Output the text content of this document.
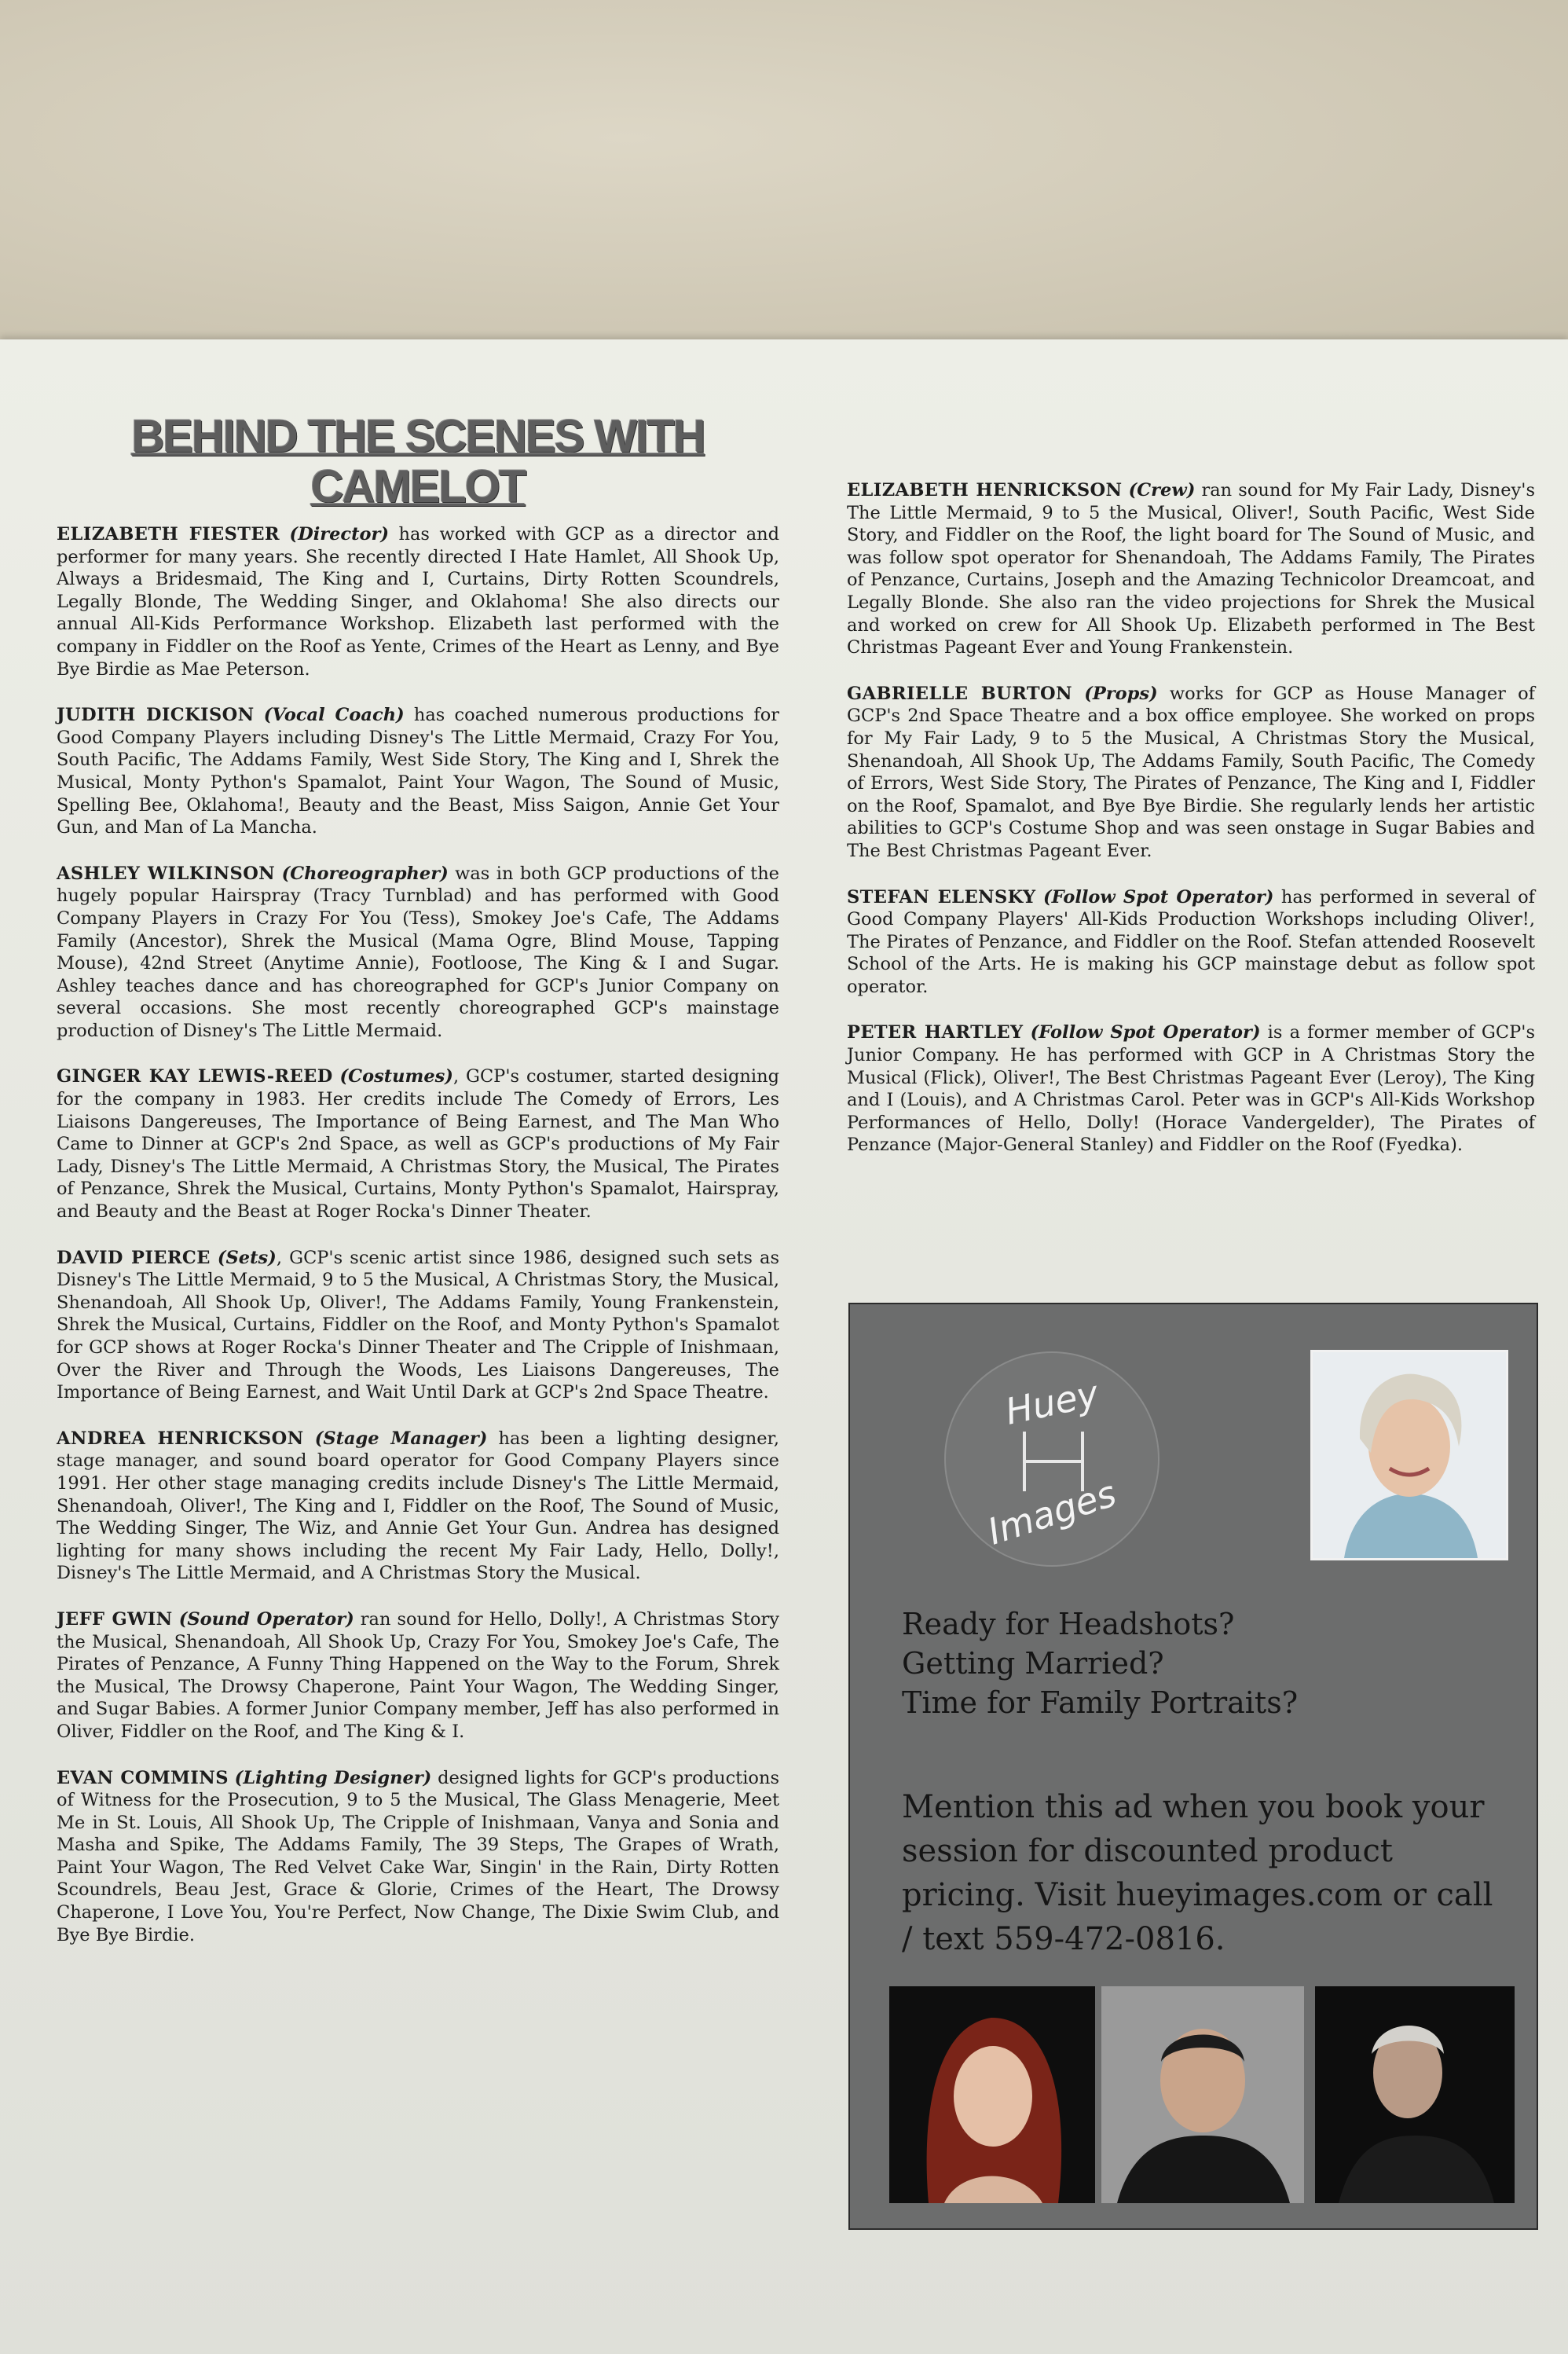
BEHIND THE SCENES WITH
CAMELOT

ELIZABETH FIESTER (Director) has worked with GCP as a director and performer for many years. She recently directed I Hate Hamlet, All Shook Up, Always a Bridesmaid, The King and I, Curtains, Dirty Rotten Scoundrels, Legally Blonde, The Wedding Singer, and Oklahoma! She also directs our annual All-Kids Performance Workshop. Elizabeth last performed with the company in Fiddler on the Roof as Yente, Crimes of the Heart as Lenny, and Bye Bye Birdie as Mae Peterson.

JUDITH DICKISON (Vocal Coach) has coached numerous productions for Good Company Players including Disney's The Little Mermaid, Crazy For You, South Pacific, The Addams Family, West Side Story, The King and I, Shrek the Musical, Monty Python's Spamalot, Paint Your Wagon, The Sound of Music, Spelling Bee, Oklahoma!, Beauty and the Beast, Miss Saigon, Annie Get Your Gun, and Man of La Mancha.

ASHLEY WILKINSON (Choreographer) was in both GCP productions of the hugely popular Hairspray (Tracy Turnblad) and has performed with Good Company Players in Crazy For You (Tess), Smokey Joe's Cafe, The Addams Family (Ancestor), Shrek the Musical (Mama Ogre, Blind Mouse, Tapping Mouse), 42nd Street (Anytime Annie), Footloose, The King & I and Sugar. Ashley teaches dance and has choreographed for GCP's Junior Company on several occasions. She most recently choreographed GCP's mainstage production of Disney's The Little Mermaid.

GINGER KAY LEWIS-REED (Costumes), GCP's costumer, started designing for the company in 1983. Her credits include The Comedy of Errors, Les Liaisons Dangereuses, The Importance of Being Earnest, and The Man Who Came to Dinner at GCP's 2nd Space, as well as GCP's productions of My Fair Lady, Disney's The Little Mermaid, A Christmas Story, the Musical, The Pirates of Penzance, Shrek the Musical, Curtains, Monty Python's Spamalot, Hairspray, and Beauty and the Beast at Roger Rocka's Dinner Theater.

DAVID PIERCE (Sets), GCP's scenic artist since 1986, designed such sets as Disney's The Little Mermaid, 9 to 5 the Musical, A Christmas Story, the Musical, Shenandoah, All Shook Up, Oliver!, The Addams Family, Young Frankenstein, Shrek the Musical, Curtains, Fiddler on the Roof, and Monty Python's Spamalot for GCP shows at Roger Rocka's Dinner Theater and The Cripple of Inishmaan, Over the River and Through the Woods, Les Liaisons Dangereuses, The Importance of Being Earnest, and Wait Until Dark at GCP's 2nd Space Theatre.

ANDREA HENRICKSON (Stage Manager) has been a lighting designer, stage manager, and sound board operator for Good Company Players since 1991. Her other stage managing credits include Disney's The Little Mermaid, Shenandoah, Oliver!, The King and I, Fiddler on the Roof, The Sound of Music, The Wedding Singer, The Wiz, and Annie Get Your Gun. Andrea has designed lighting for many shows including the recent My Fair Lady, Hello, Dolly!, Disney's The Little Mermaid, and A Christmas Story the Musical.

JEFF GWIN (Sound Operator) ran sound for Hello, Dolly!, A Christmas Story the Musical, Shenandoah, All Shook Up, Crazy For You, Smokey Joe's Cafe, The Pirates of Penzance, A Funny Thing Happened on the Way to the Forum, Shrek the Musical, The Drowsy Chaperone, Paint Your Wagon, The Wedding Singer, and Sugar Babies. A former Junior Company member, Jeff has also performed in Oliver, Fiddler on the Roof, and The King & I.

EVAN COMMINS (Lighting Designer) designed lights for GCP's productions of Witness for the Prosecution, 9 to 5 the Musical, The Glass Menagerie, Meet Me in St. Louis, All Shook Up, The Cripple of Inishmaan, Vanya and Sonia and Masha and Spike, The Addams Family, The 39 Steps, The Grapes of Wrath, Paint Your Wagon, The Red Velvet Cake War, Singin' in the Rain, Dirty Rotten Scoundrels, Beau Jest, Grace & Glorie, Crimes of the Heart, The Drowsy Chaperone, I Love You, You're Perfect, Now Change, The Dixie Swim Club, and Bye Bye Birdie.

ELIZABETH HENRICKSON (Crew) ran sound for My Fair Lady, Disney's The Little Mermaid, 9 to 5 the Musical, Oliver!, South Pacific, West Side Story, and Fiddler on the Roof, the light board for The Sound of Music, and was follow spot operator for Shenandoah, The Addams Family, The Pirates of Penzance, Curtains, Joseph and the Amazing Technicolor Dreamcoat, and Legally Blonde. She also ran the video projections for Shrek the Musical and worked on crew for All Shook Up. Elizabeth performed in The Best Christmas Pageant Ever and Young Frankenstein.

GABRIELLE BURTON (Props) works for GCP as House Manager of GCP's 2nd Space Theatre and a box office employee. She worked on props for My Fair Lady, 9 to 5 the Musical, A Christmas Story the Musical, Shenandoah, All Shook Up, The Addams Family, South Pacific, The Comedy of Errors, West Side Story, The Pirates of Penzance, The King and I, Fiddler on the Roof, Spamalot, and Bye Bye Birdie. She regularly lends her artistic abilities to GCP's Costume Shop and was seen onstage in Sugar Babies and The Best Christmas Pageant Ever.

STEFAN ELENSKY (Follow Spot Operator) has performed in several of Good Company Players' All-Kids Production Workshops including Oliver!, The Pirates of Penzance, and Fiddler on the Roof. Stefan attended Roosevelt School of the Arts. He is making his GCP mainstage debut as follow spot operator.

PETER HARTLEY (Follow Spot Operator) is a former member of GCP's Junior Company. He has performed with GCP in A Christmas Story the Musical (Flick), Oliver!, The Best Christmas Pageant Ever (Leroy), The King and I (Louis), and A Christmas Carol. Peter was in GCP's All-Kids Workshop Performances of Hello, Dolly! (Horace Vandergelder), The Pirates of Penzance (Major-General Stanley) and Fiddler on the Roof (Fyedka).

Huey
Images
Ready for Headshots?
Getting Married?
Time for Family Portraits?
Mention this ad when you book your session for discounted product pricing. Visit hueyimages.com or call / text 559-472-0816.
